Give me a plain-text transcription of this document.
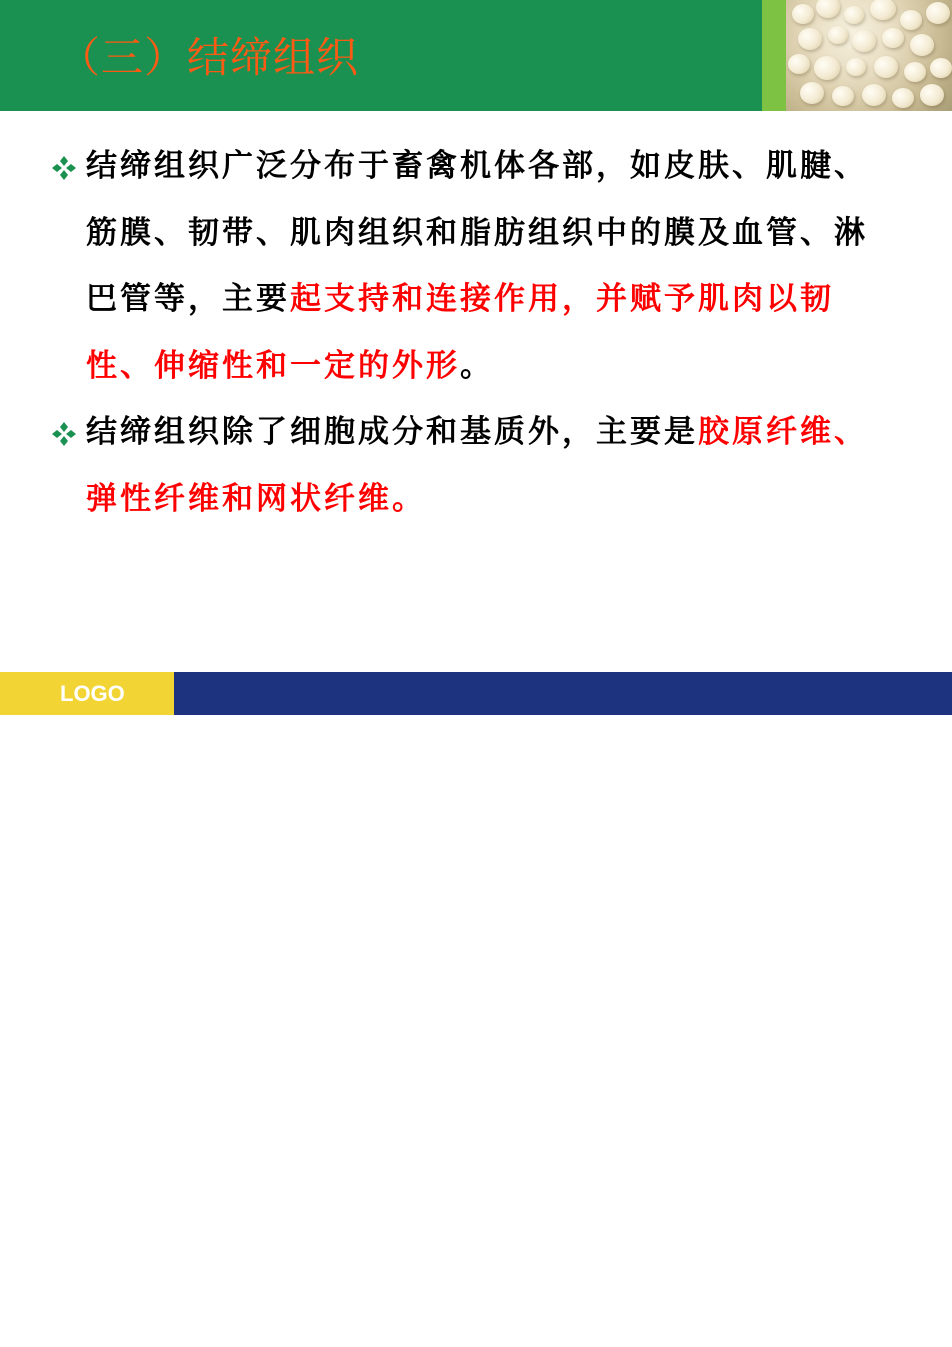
（三）结缔组织
结缔组织广泛分布于畜禽机体各部，如皮肤、肌腱、筋膜、韧带、肌肉组织和脂肪组织中的膜及血管、淋巴管等，主要起支持和连接作用，并赋予肌肉以韧性、伸缩性和一定的外形。
结缔组织除了细胞成分和基质外，主要是胶原纤维、弹性纤维和网状纤维。
LOGO
